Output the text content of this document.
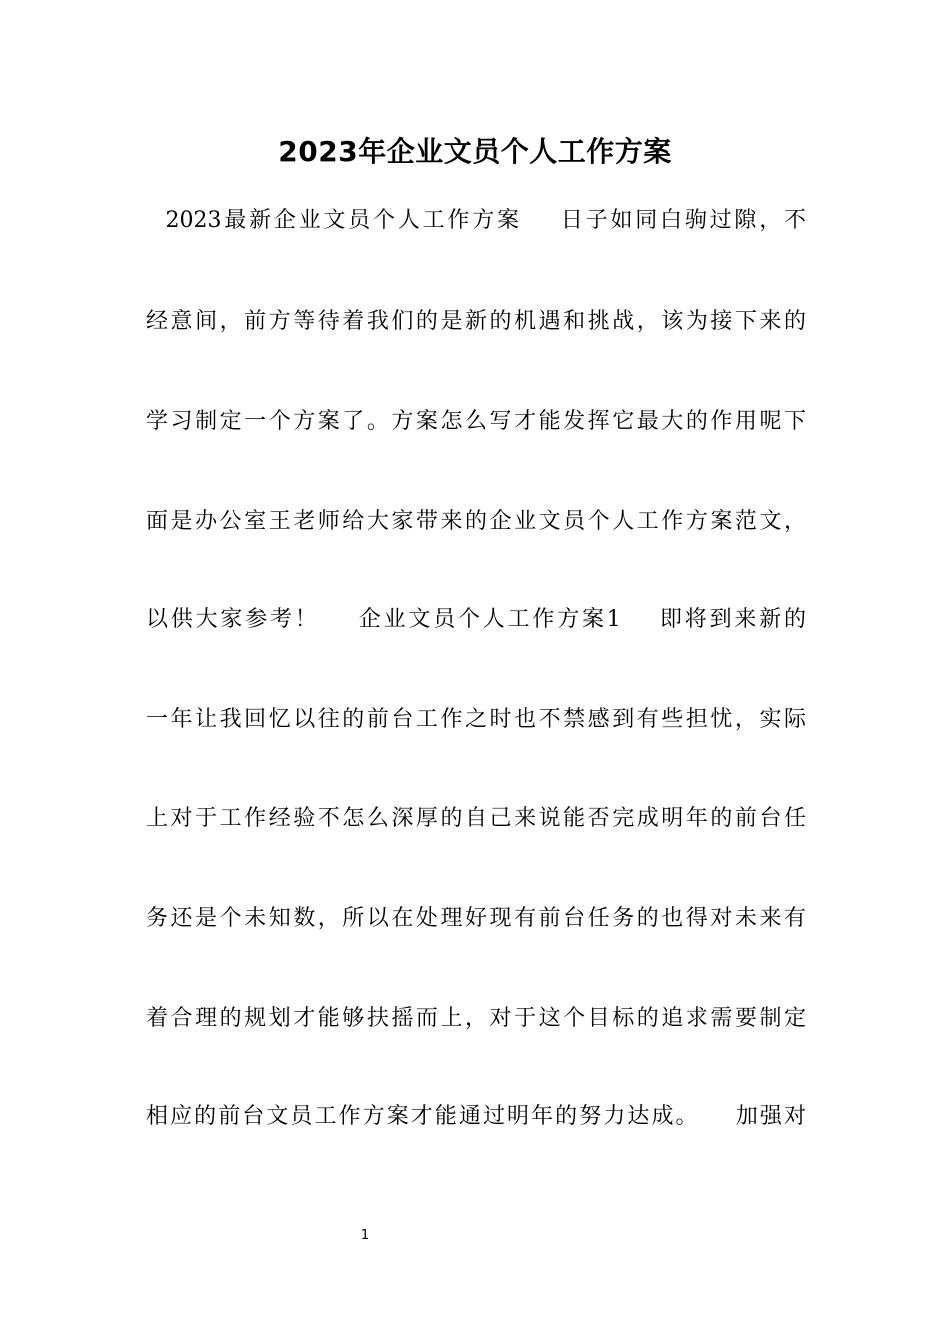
2023年企业文员个人工作方案
2023最新企业文员个人工作方案    日子如同白驹过隙，不
经意间，前方等待着我们的是新的机遇和挑战，该为接下来的
学习制定一个方案了。方案怎么写才能发挥它最大的作用呢下
面是办公室王老师给大家带来的企业文员个人工作方案范文，
以供大家参考！    企业文员个人工作方案1    即将到来新的
一年让我回忆以往的前台工作之时也不禁感到有些担忧，实际
上对于工作经验不怎么深厚的自己来说能否完成明年的前台任
务还是个未知数，所以在处理好现有前台任务的也得对未来有
着合理的规划才能够扶摇而上，对于这个目标的追求需要制定
相应的前台文员工作方案才能通过明年的努力达成。    加强对
1
